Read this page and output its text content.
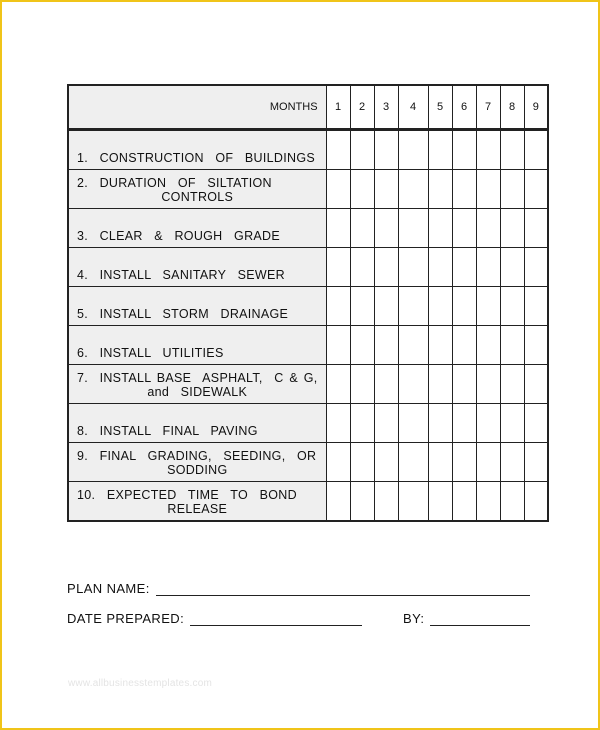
MONTHS	1	2	3	4	5	6	7	8	9

1.  CONSTRUCTION  OF  BUILDINGS									
2.  DURATION  OF  SILTATION
CONTROLS									

3.  CLEAR  &  ROUGH  GRADE									
4.  INSTALL  SANITARY  SEWER									
5.  INSTALL  STORM  DRAINAGE									
6.  INSTALL  UTILITIES									
7.  INSTALL BASE  ASPHALT,  C & G,
and  SIDEWALK									

8.  INSTALL  FINAL  PAVING									
9.  FINAL  GRADING,  SEEDING,  OR
SODDING									

10.  EXPECTED  TIME  TO  BOND
RELEASE									

PLAN NAME:
DATE PREPARED:	BY:
www.allbusinesstemplates.com
